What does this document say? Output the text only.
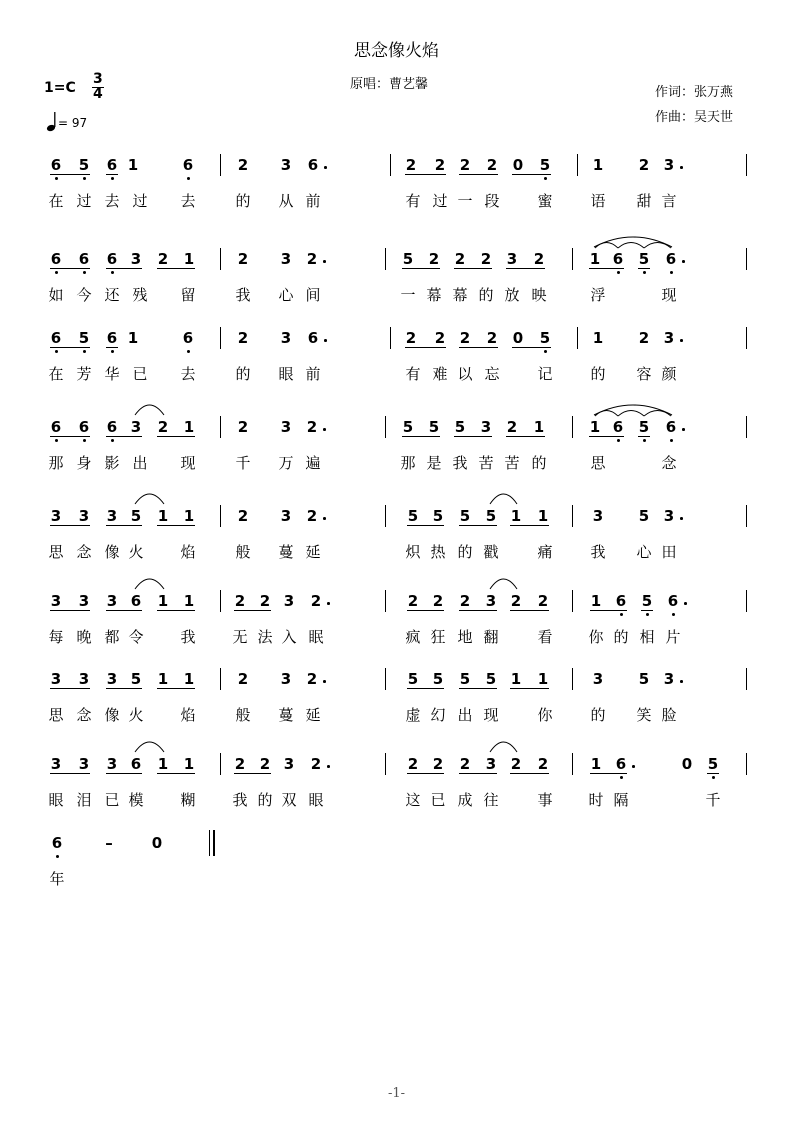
思念像火焰
原唱：曹艺馨
作词：张万燕
作曲：吴天世
1=C
3
4
= 97
6 5 6 1	6	2 3 6	2 2 2 2 0 5	1 2 3
在 过 去 过 去	的 从 前	有 过 一 段	蜜	语 甜 言
6 6 6 3 2 1	2 3 2	5 2 2 2 3 2	1 6 5 6
如 今 还 残 留	我 心 间	一 幕 幕 的 放 映	浮	现
6 5 6 1	6	2 3 6	2 2 2 2 0 5	1 2 3
在 芳 华 已 去	的 眼 前	有 难 以 忘	记	的 容 颜
6 6 6 3 2 1	2 3 2	5 5 5 3 2 1	1 6 5 6
那 身 影 出 现	千 万 遍	那 是 我 苦 苦 的	思	念
3 3 3 5 1 1	2 3 2	5 5 5 5 1 1	3 5 3
思 念 像 火 焰	般 蔓 延	炽 热 的 戳	痛	我 心 田
3 3 3 6 1 1	2 2 3 2	2 2 2 3 2 2	1 6 5 6
每 晚 都 令 我 无 法 入 眠	疯 狂 地 翻	看 你 的 相 片
3 3 3 5 1 1	2 3 2	5 5 5 5 1 1	3 5 3
思 念 像 火 焰	般 蔓 延	虚 幻 出 现	你	的 笑 脸
3 3 3 6 1 1	2 2 3 2	2 2 2 3 2 2	1 6	0 5
眼 泪 已 模 糊 我 的 双 眼	这 已 成 往	事 时 隔	千
6	–	0
年
-1-
